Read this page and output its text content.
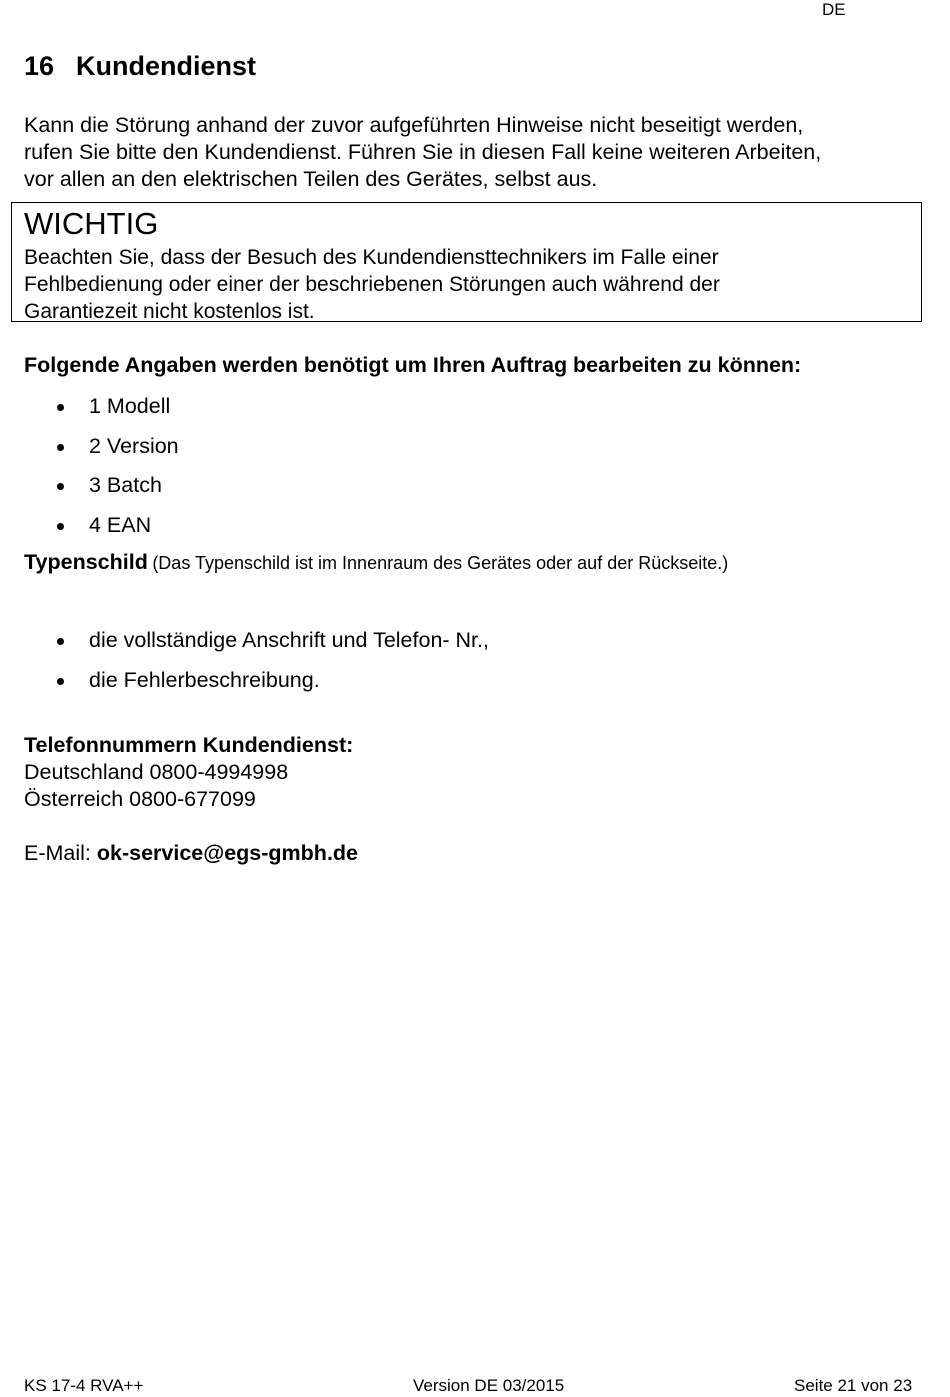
DE
16 Kundendienst

Kann die Störung anhand der zuvor aufgeführten Hinweise nicht beseitigt werden,
rufen Sie bitte den Kundendienst. Führen Sie in diesen Fall keine weiteren Arbeiten,
vor allen an den elektrischen Teilen des Gerätes, selbst aus.

WICHTIG
Beachten Sie, dass der Besuch des Kundendiensttechnikers im Falle einer
Fehlbedienung oder einer der beschriebenen Störungen auch während der
Garantiezeit nicht kostenlos ist.
Folgende Angaben werden benötigt um Ihren Auftrag bearbeiten zu können:
1 Modell
2 Version
3 Batch
4 EAN
Typenschild (Das Typenschild ist im Innenraum des Gerätes oder auf der Rückseite.)
die vollständige Anschrift und Telefon- Nr.,
die Fehlerbeschreibung.
Telefonnummern Kundendienst:
Deutschland 0800-4994998
Österreich 0800-677099
E-Mail: ok-service@egs-gmbh.de
KS 17-4 RVA++	Version DE 03/2015	Seite 21 von 23
